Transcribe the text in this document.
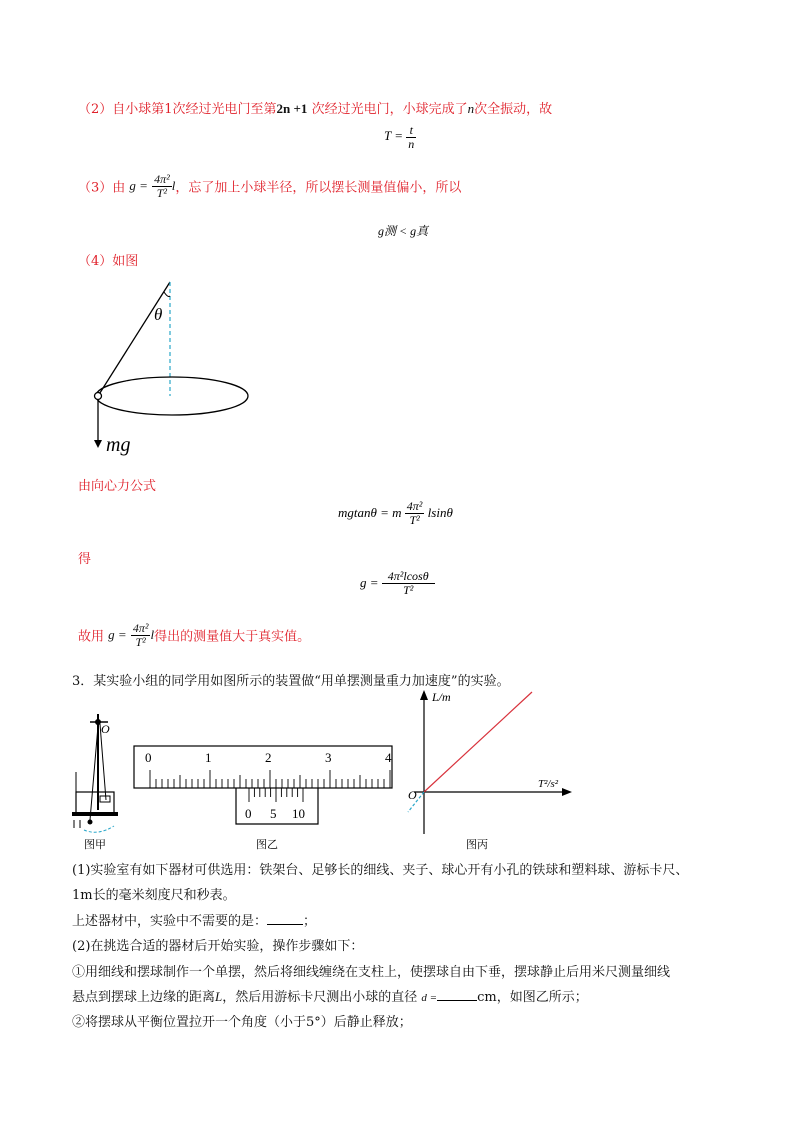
（2）自小球第1次经过光电门至第2n +1 次经过光电门，小球完成了n次全振动，故
$T = \frac{t}{n}$
（3）由 $g = \frac{\text{4π²}}{\text{T²}}$ l，忘了加上小球半径，所以摆长测量值偏小，所以
g测 < g真
（4）如图
θ
mg
由向心力公式
mgtanθ = m $\frac{\text{4π²}}{\text{T²}}$ lsinθ
得
$g = \frac{\text{4π²lcosθ}}{\text{T²}}$
故用 $g = \frac{\text{4π²}}{\text{T²}}$ l得出的测量值大于真实值。
3．某实验小组的同学用如图所示的装置做“用单摆测量重力加速度”的实验。
O
0	1	2	3	4
0 5 10
L/m
T²/s²
O
图甲	图乙	图丙
(1)实验室有如下器材可供选用：铁架台、足够长的细线、夹子、球心开有小孔的铁球和塑料球、游标卡尺、
1m长的毫米刻度尺和秒表。
上述器材中，实验中不需要的是：	；
(2)在挑选合适的器材后开始实验，操作步骤如下：
①用细线和摆球制作一个单摆，然后将细线缠绕在支柱上，使摆球自由下垂，摆球静止后用米尺测量细线
悬点到摆球上边缘的距离L，然后用游标卡尺测出小球的直径 d =	cm，如图乙所示；
②将摆球从平衡位置拉开一个角度（小于5°）后静止释放；
